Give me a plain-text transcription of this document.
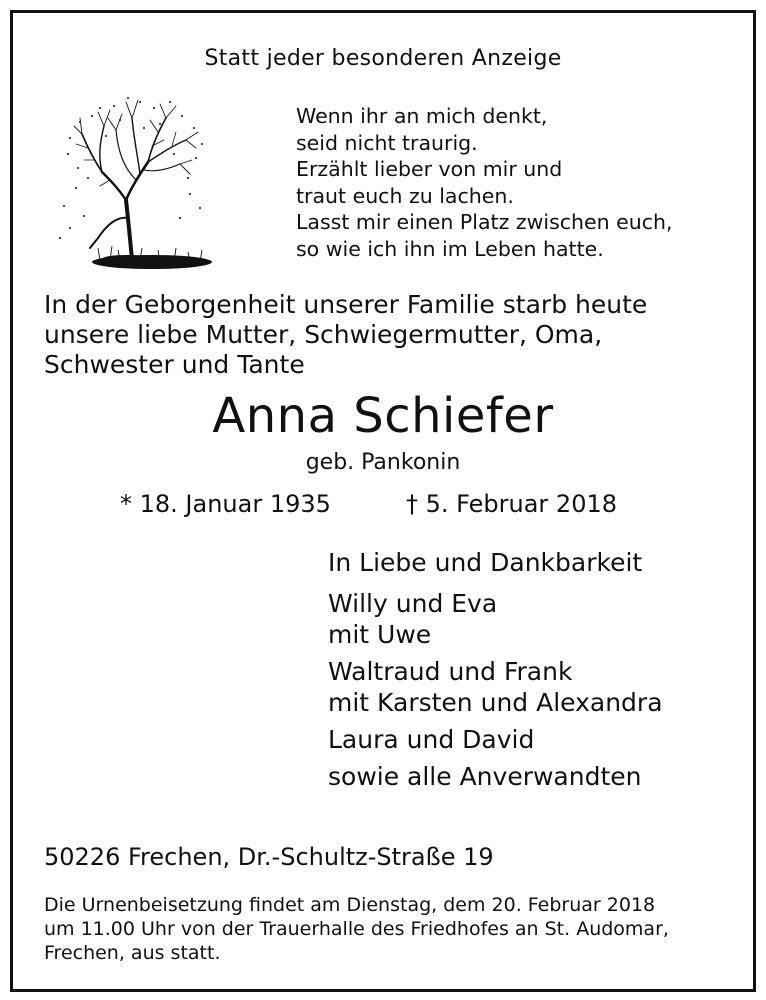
Statt jeder besonderen Anzeige
Wenn ihr an mich denkt,
seid nicht traurig.
Erzählt lieber von mir und
traut euch zu lachen.
Lasst mir einen Platz zwischen euch,
so wie ich ihn im Leben hatte.
In der Geborgenheit unserer Familie starb heute
unsere liebe Mutter, Schwiegermutter, Oma,
Schwester und Tante
Anna Schiefer
geb. Pankonin
* 18. Januar 1935	† 5. Februar 2018
In Liebe und Dankbarkeit
Willy und Eva
mit Uwe
Waltraud und Frank
mit Karsten und Alexandra
Laura und David
sowie alle Anverwandten
50226 Frechen, Dr.-Schultz-Straße 19
Die Urnenbeisetzung findet am Dienstag, dem 20. Februar 2018
um 11.00 Uhr von der Trauerhalle des Friedhofes an St. Audomar,
Frechen, aus statt.
